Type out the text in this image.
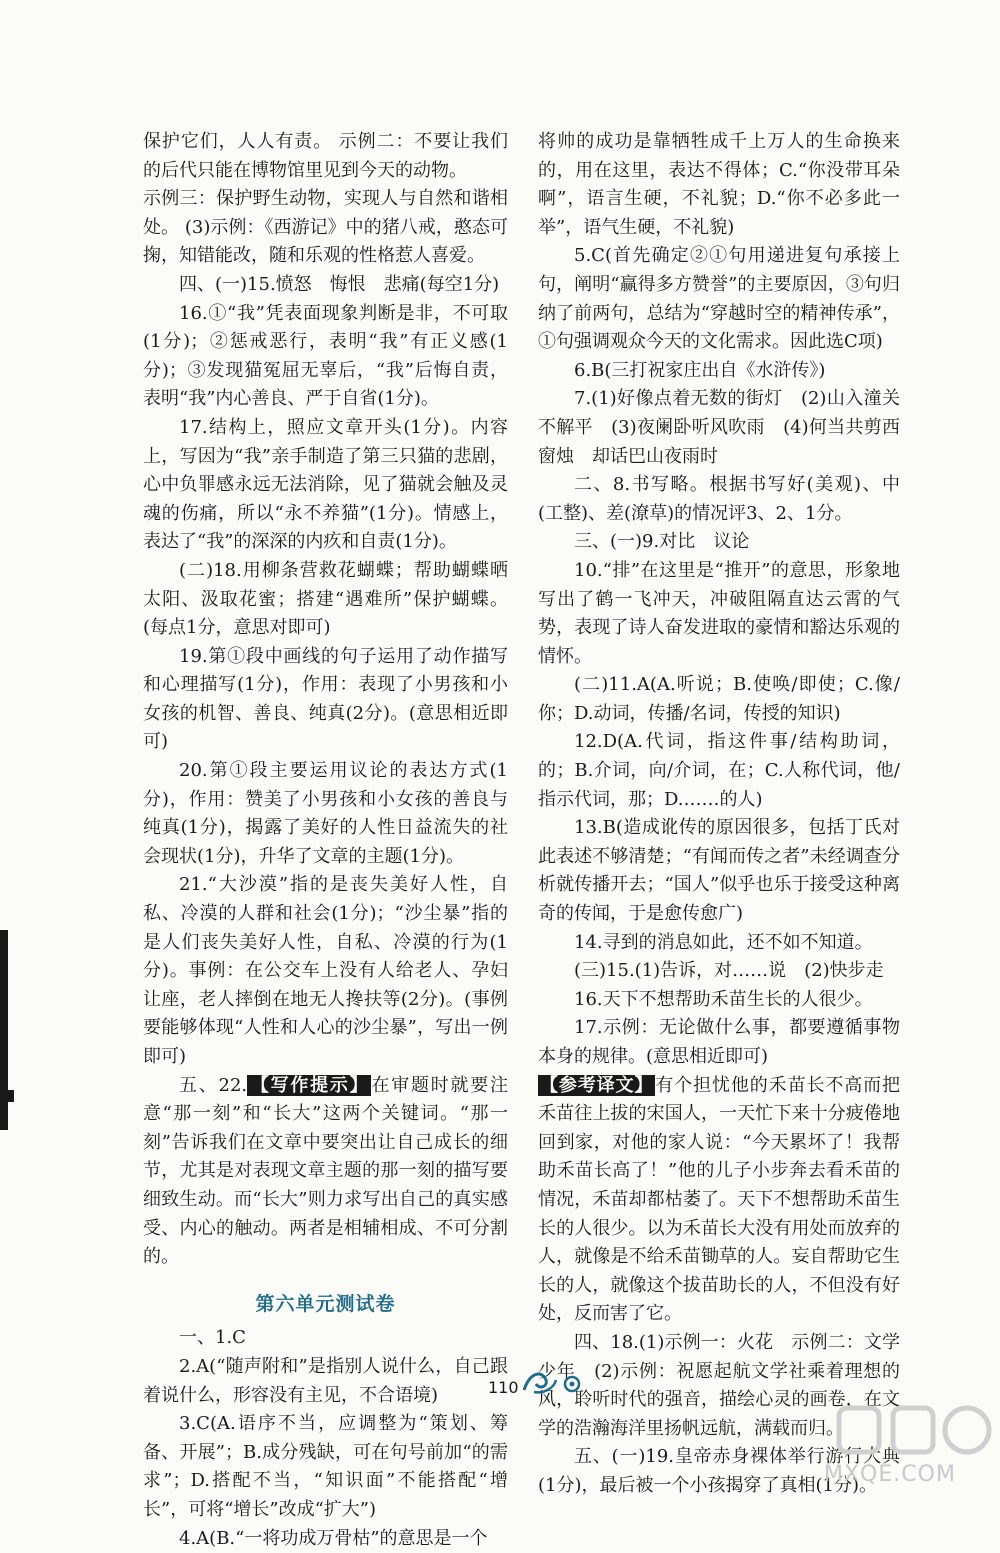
保护它们，人人有责。 示例二：不要让我们的后代只能在博物馆里见到今天的动物。

示例三：保护野生动物，实现人与自然和谐相处。 (3)示例：《西游记》中的猪八戒，憨态可掬，知错能改，随和乐观的性格惹人喜爱。

四、(一)15.愤怒　悔恨　悲痛(每空1分)

16.①“我”凭表面现象判断是非，不可取(1分)；②惩戒恶行，表明“我”有正义感(1分)；③发现猫冤屈无辜后，“我”后悔自责，表明“我”内心善良、严于自省(1分)。

17.结构上，照应文章开头(1分)。内容上，写因为“我”亲手制造了第三只猫的悲剧，心中负罪感永远无法消除，见了猫就会触及灵魂的伤痛，所以“永不养猫”(1分)。情感上，表达了“我”的深深的内疚和自责(1分)。

(二)18.用柳条营救花蝴蝶；帮助蝴蝶晒太阳、汲取花蜜；搭建“遇难所”保护蝴蝶。(每点1分，意思对即可)

19.第①段中画线的句子运用了动作描写和心理描写(1分)，作用：表现了小男孩和小女孩的机智、善良、纯真(2分)。(意思相近即可)

20.第①段主要运用议论的表达方式(1分)，作用：赞美了小男孩和小女孩的善良与纯真(1分)，揭露了美好的人性日益流失的社会现状(1分)，升华了文章的主题(1分)。

21.“大沙漠”指的是丧失美好人性，自私、冷漠的人群和社会(1分)；“沙尘暴”指的是人们丧失美好人性，自私、冷漠的行为(1分)。事例：在公交车上没有人给老人、孕妇让座，老人摔倒在地无人搀扶等(2分)。(事例要能够体现“人性和人心的沙尘暴”，写出一例即可)

五、22. 【写作提示】 在审题时就要注意“那一刻”和“长大”这两个关键词。“那一刻”告诉我们在文章中要突出让自己成长的细节，尤其是对表现文章主题的那一刻的描写要细致生动。而“长大”则力求写出自己的真实感受、内心的触动。两者是相辅相成、不可分割的。

第六单元测试卷

一、1.C

2.A(“随声附和”是指别人说什么，自己跟着说什么，形容没有主见，不合语境)

3.C(A.语序不当，应调整为“策划、筹备、开展”；B.成分残缺，可在句号前加“的需求”；D.搭配不当，“知识面”不能搭配“增长”，可将“增长”改成“扩大”)

4.A(B.“一将功成万骨枯”的意思是一个

将帅的成功是靠牺牲成千上万人的生命换来的，用在这里，表达不得体；C.“你没带耳朵啊”，语言生硬，不礼貌；D.“你不必多此一举”，语气生硬，不礼貌)

5.C(首先确定②①句用递进复句承接上句，阐明“赢得多方赞誉”的主要原因，③句归纳了前两句，总结为“穿越时空的精神传承”，①句强调观众今天的文化需求。因此选C项)

6.B(三打祝家庄出自《水浒传》)

7.(1)好像点着无数的街灯　(2)山入潼关不解平　(3)夜阑卧听风吹雨　(4)何当共剪西窗烛　却话巴山夜雨时

二、8.书写略。根据书写好(美观)、中(工整)、差(潦草)的情况评3、2、1分。

三、(一)9.对比　议论

10.“排”在这里是“推开”的意思，形象地写出了鹤一飞冲天，冲破阻隔直达云霄的气势，表现了诗人奋发进取的豪情和豁达乐观的情怀。

(二)11.A(A.听说；B.使唤/即使；C.像/你；D.动词，传播/名词，传授的知识)

12.D(A.代词，指这件事/结构助词，的；B.介词，向/介词，在；C.人称代词，他/指示代词，那；D.……的人)

13.B(造成讹传的原因很多，包括丁氏对此表述不够清楚；“有闻而传之者”未经调查分析就传播开去；“国人”似乎也乐于接受这种离奇的传闻，于是愈传愈广)

14.寻到的消息如此，还不如不知道。

(三)15.(1)告诉，对……说　(2)快步走

16.天下不想帮助禾苗生长的人很少。

17.示例：无论做什么事，都要遵循事物本身的规律。(意思相近即可)

【参考译文】 有个担忧他的禾苗长不高而把禾苗往上拔的宋国人，一天忙下来十分疲倦地回到家，对他的家人说：“今天累坏了！我帮助禾苗长高了！”他的儿子小步奔去看禾苗的情况，禾苗却都枯萎了。天下不想帮助禾苗生长的人很少。以为禾苗长大没有用处而放弃的人，就像是不给禾苗锄草的人。妄自帮助它生长的人，就像这个拔苗助长的人，不但没有好处，反而害了它。

四、18.(1)示例一：火花　示例二：文学少年　(2)示例：祝愿起航文学社乘着理想的风，聆听时代的强音，描绘心灵的画卷，在文学的浩瀚海洋里扬帆远航，满载而归。

五、(一)19.皇帝赤身裸体举行游行大典(1分)，最后被一个小孩揭穿了真相(1分)。

110
MXQE.COM
